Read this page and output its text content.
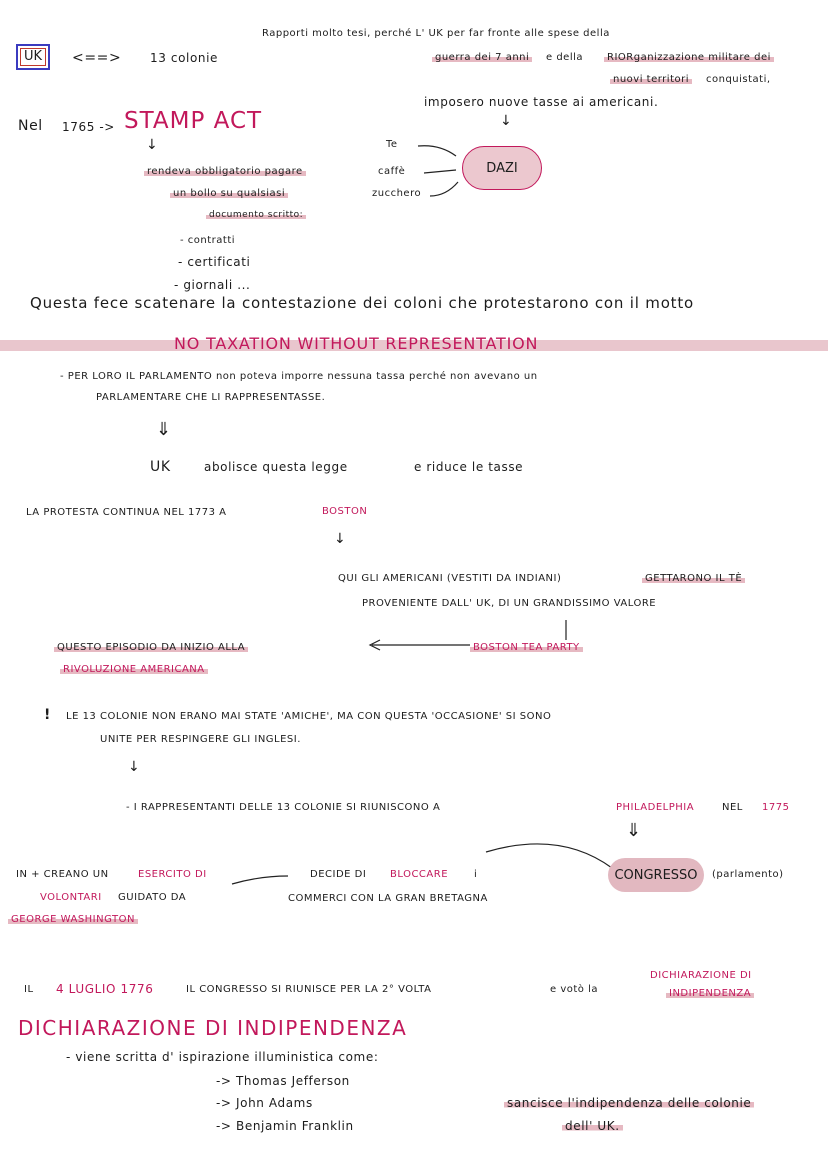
UK <==> 13 colonie
Rapporti molto tesi, perché L' UK per far fronte alle spese della
guerra dei 7 anni	e della	RIORganizzazione militare dei
nuovi territori	conquistati,
imposero nuove tasse ai americani.
Nel 1765 -> STAMP ACT
↓
rendeva obbligatorio pagare
un bollo su qualsiasi
documento scritto:
- contratti
- certificati
- giornali ...
Te
caffè
zucchero
DAZI
↓
Questa fece scatenare la contestazione dei coloni che protestarono con il motto
NO TAXATION WITHOUT REPRESENTATION
- PER LORO IL PARLAMENTO non poteva imporre nessuna tassa perché non avevano un
PARLAMENTARE CHE LI RAPPRESENTASSE.
⇓
UK	abolisce questa legge	e riduce le tasse
LA PROTESTA CONTINUA NEL 1773 A	BOSTON
↓
QUI GLI AMERICANI (VESTITI DA INDIANI)	GETTARONO IL TÈ
PROVENIENTE DALL' UK, DI UN GRANDISSIMO VALORE
BOSTON TEA PARTY
QUESTO EPISODIO DA INIZIO ALLA
RIVOLUZIONE AMERICANA
! LE 13 COLONIE NON ERANO MAI STATE 'AMICHE', MA CON QUESTA 'OCCASIONE' SI SONO
UNITE PER RESPINGERE GLI INGLESI.
↓
- I RAPPRESENTANTI DELLE 13 COLONIE SI RIUNISCONO A	PHILADELPHIA	NEL 1775
⇓
CONGRESSO (parlamento)
DECIDE DI BLOCCARE	i
COMMERCI CON LA GRAN BRETAGNA
IN + CREANO UN	ESERCITO DI
VOLONTARI GUIDATO DA
GEORGE WASHINGTON
IL 4 LUGLIO 1776	IL CONGRESSO SI RIUNISCE PER LA 2° VOLTA	e votò la
DICHIARAZIONE DI
INDIPENDENZA
DICHIARAZIONE DI INDIPENDENZA
- viene scritta d' ispirazione illuministica come:
-> Thomas Jefferson
-> John Adams
-> Benjamin Franklin
sancisce l'indipendenza delle colonie
dell' UK.
